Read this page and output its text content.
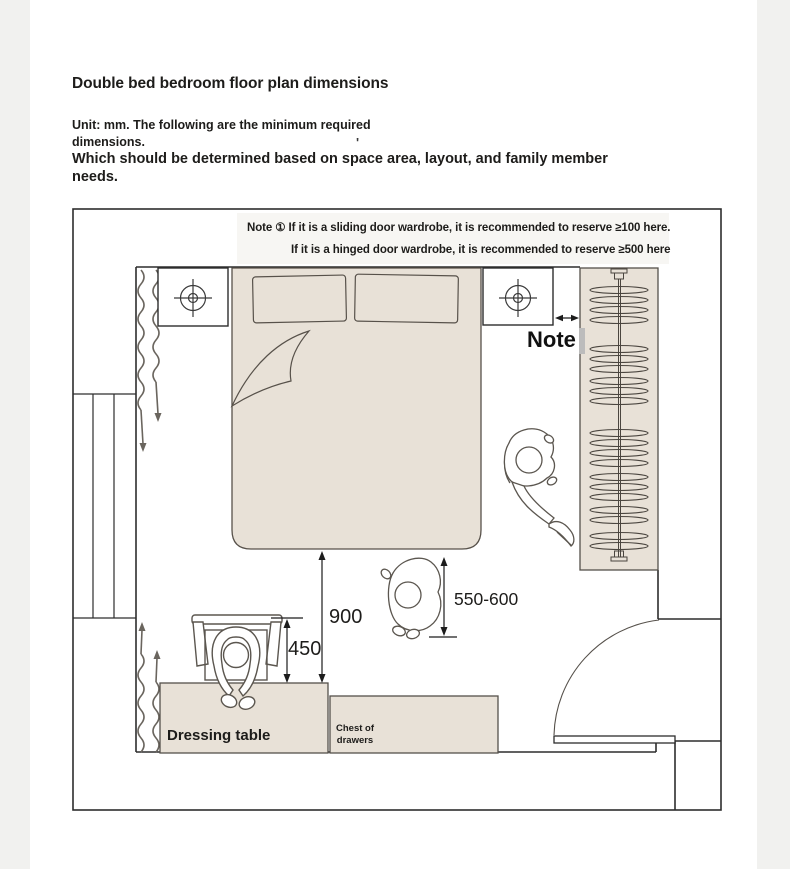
Double bed bedroom floor plan dimensions
Unit: mm. The following are the minimum required
dimensions.	'
Which should be determined based on space area, layout, and family member
needs.
Note ① If it is a sliding door wardrobe, it is recommended to reserve ≥100 here.
If it is a hinged door wardrobe, it is recommended to reserve ≥500 here
Note
900
450
550-600
Dressing table	Chest of
drawers
